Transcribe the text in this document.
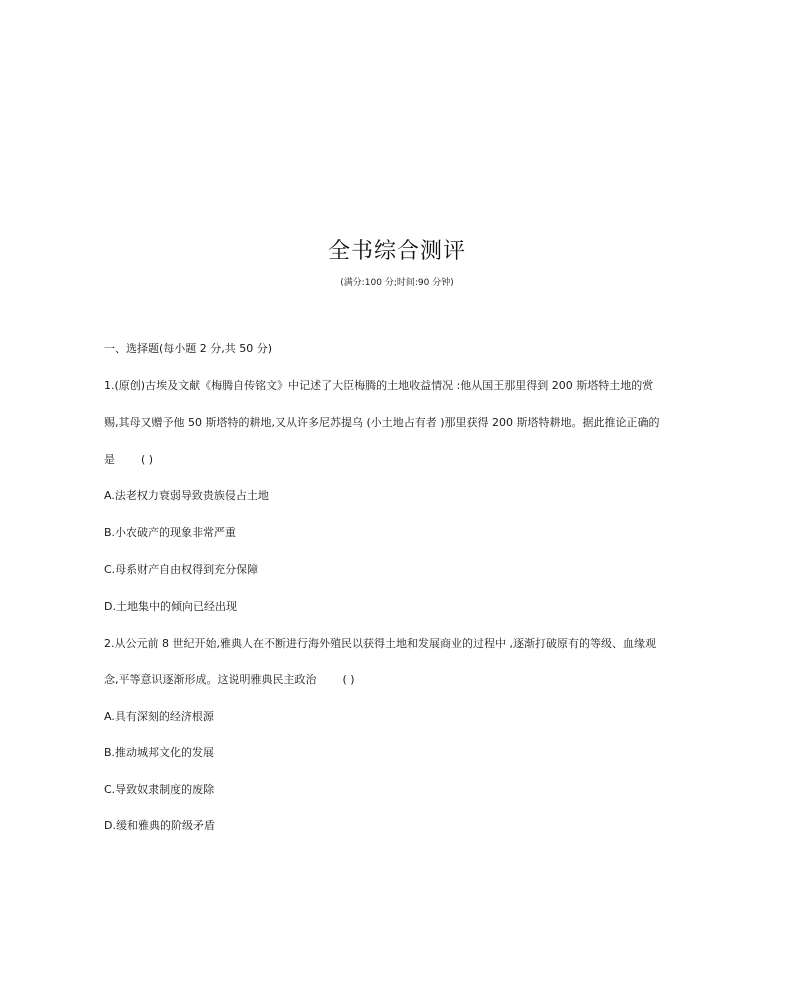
全书综合测评
(满分:100 分;时间:90 分钟)
一、选择题(每小题 2 分,共 50 分)
1.(原创)古埃及文献《梅腾自传铭文》中记述了大臣梅腾的土地收益情况 :他从国王那里得到 200 斯塔特土地的赏
赐,其母又赠予他 50 斯塔特的耕地,又从许多尼苏提乌 (小土地占有者 )那里获得 200 斯塔特耕地。据此推论正确的
是 ( )
A.法老权力衰弱导致贵族侵占土地
B.小农破产的现象非常严重
C.母系财产自由权得到充分保障
D.土地集中的倾向已经出现
2.从公元前 8 世纪开始,雅典人在不断进行海外殖民以获得土地和发展商业的过程中 ,逐渐打破原有的等级、血缘观
念,平等意识逐渐形成。这说明雅典民主政治 ( )
A.具有深刻的经济根源
B.推动城邦文化的发展
C.导致奴隶制度的废除
D.缓和雅典的阶级矛盾
